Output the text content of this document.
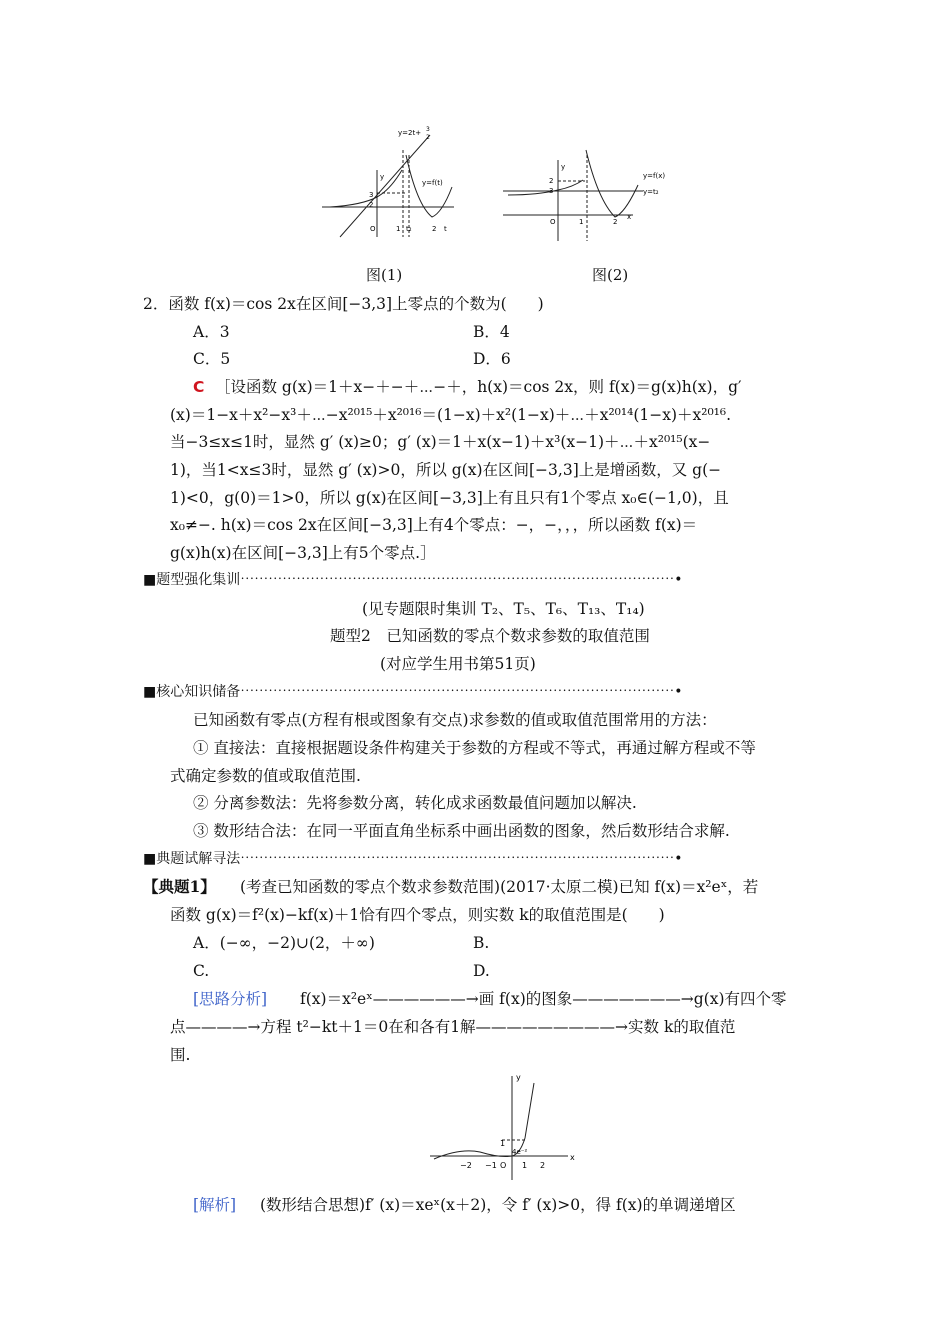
y=2t+ 3
2
y=f(t)
y
3
2
O	1 t₂	2 t
图(1)
y=f(x)
y=t₂
y
2
3
O	1	2
x
图(2)
2．函数 f(x)＝cos 2x在区间[−3,3]上零点的个数为(　　)
A．3	B．4
C．5	D．6
C ［设函数 g(x)＝1＋x−＋−＋⋯−＋，h(x)＝cos 2x，则 f(x)＝g(x)h(x)，g′
(x)＝1−x＋x²−x³＋⋯−x²⁰¹⁵＋x²⁰¹⁶＝(1−x)＋x²(1−x)＋⋯＋x²⁰¹⁴(1−x)＋x²⁰¹⁶.
当−3≤x≤1时，显然 g′ (x)≥0；g′ (x)＝1＋x(x−1)＋x³(x−1)＋⋯＋x²⁰¹⁵(x−
1)，当1<x≤3时，显然 g′ (x)>0，所以 g(x)在区间[−3,3]上是增函数，又 g(−
1)<0，g(0)＝1>0，所以 g(x)在区间[−3,3]上有且只有1个零点 x₀∈(−1,0)，且
x₀≠−. h(x)＝cos 2x在区间[−3,3]上有4个零点：−，−，，，所以函数 f(x)＝
g(x)h(x)在区间[−3,3]上有5个零点.］
■题型强化集训⋯⋯⋯⋯⋯⋯⋯⋯⋯⋯⋯⋯⋯⋯⋯⋯⋯⋯⋯⋯⋯⋯⋯⋯⋯⋯⋯⋯⋯⋯⋯•
(见专题限时集训 T₂、T₅、T₆、T₁₃、T₁₄)
题型2　已知函数的零点个数求参数的取值范围
(对应学生用书第51页)
■核心知识储备⋯⋯⋯⋯⋯⋯⋯⋯⋯⋯⋯⋯⋯⋯⋯⋯⋯⋯⋯⋯⋯⋯⋯⋯⋯⋯⋯⋯⋯⋯⋯•
已知函数有零点(方程有根或图象有交点)求参数的值或取值范围常用的方法：
① 直接法：直接根据题设条件构建关于参数的方程或不等式，再通过解方程或不等
式确定参数的值或取值范围.
② 分离参数法：先将参数分离，转化成求函数最值问题加以解决.
③ 数形结合法：在同一平面直角坐标系中画出函数的图象，然后数形结合求解.
■典题试解寻法⋯⋯⋯⋯⋯⋯⋯⋯⋯⋯⋯⋯⋯⋯⋯⋯⋯⋯⋯⋯⋯⋯⋯⋯⋯⋯⋯⋯⋯⋯⋯•
【典题1】 (考查已知函数的零点个数求参数范围)(2017·太原二模)已知 f(x)＝x²eˣ，若
函数 g(x)＝f²(x)−kf(x)＋1恰有四个零点，则实数 k的取值范围是(　　)
A．(−∞，−2)∪(2，＋∞)	B.
C.	D.
[思路分析] f(x)＝x²eˣ——————→画 f(x)的图象———————→g(x)有四个零
点————→方程 t²−kt＋1＝0在和各有1解—————————→实数 k的取值范
围.
y
x
1
4e⁻²
−2 −1 O 1 2
[解析] (数形结合思想)f′ (x)＝xeˣ(x＋2)，令 f′ (x)>0，得 f(x)的单调递增区
